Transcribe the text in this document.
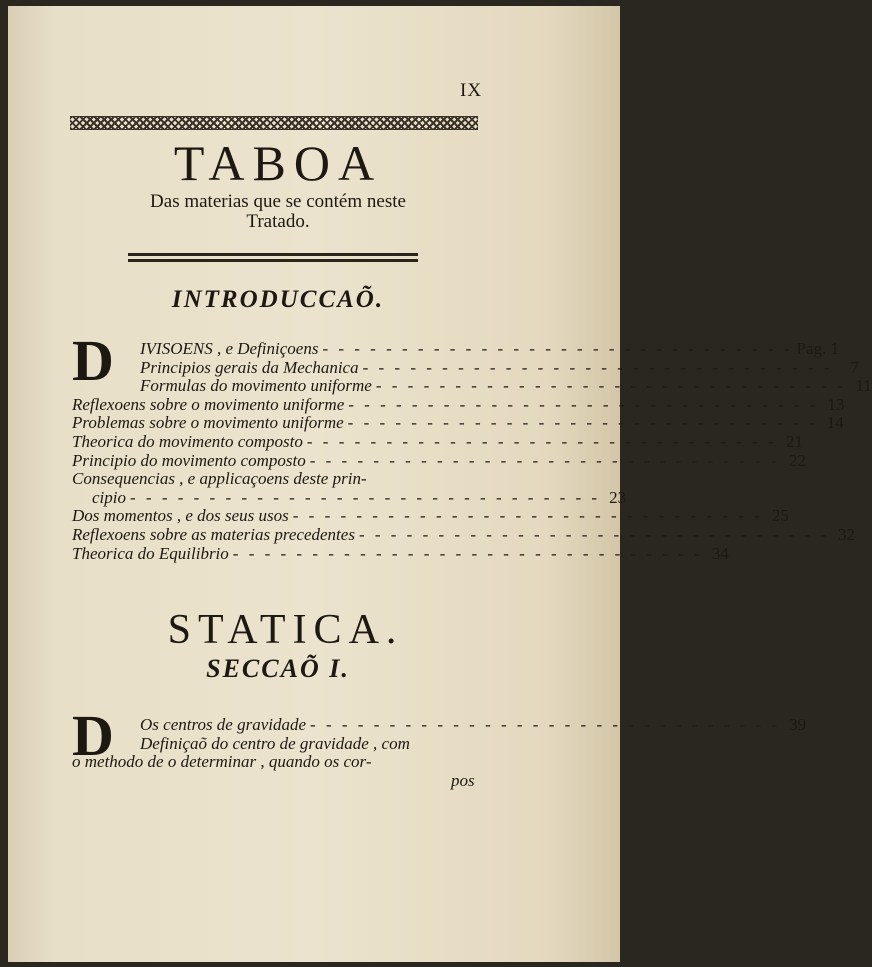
IX
TABOA
Das materias que se contém neste
Tratado.
INTRODUCCAÕ.
D IVISOENS , e Definiçoens - - - - - - - - - - - - - - - - - - - - - - - - - - - - - - Pag. 1
Principios gerais da Mechanica - - - - - - - - - - - - - - - - - - - - - - - - - - - - - -	7
Formulas do movimento uniforme - - - - - - - - - - - - - - - - - - - - - - - - - - - - - - 11
Reflexoens sobre o movimento uniforme - - - - - - - - - - - - - - - - - - - - - - - - - - - - - - 13
Problemas sobre o movimento uniforme - - - - - - - - - - - - - - - - - - - - - - - - - - - - - - 14
Theorica do movimento composto - - - - - - - - - - - - - - - - - - - - - - - - - - - - - - 21
Principio do movimento composto - - - - - - - - - - - - - - - - - - - - - - - - - - - - - - 22
Consequencias , e applicaçoens deste prin-
cipio - - - - - - - - - - - - - - - - - - - - - - - - - - - - - - 23
Dos momentos , e dos seus usos - - - - - - - - - - - - - - - - - - - - - - - - - - - - - - 25
Reflexoens sobre as materias precedentes - - - - - - - - - - - - - - - - - - - - - - - - - - - - - - 32
Theorica do Equilibrio - - - - - - - - - - - - - - - - - - - - - - - - - - - - - - 34
STATICA.
SECCAÕ I.
D Os centros de gravidade - - - - - - - - - - - - - - - - - - - - - - - - - - - - - - 39
Definiçaõ do centro de gravidade , com
o methodo de o determinar , quando os cor-
pos
